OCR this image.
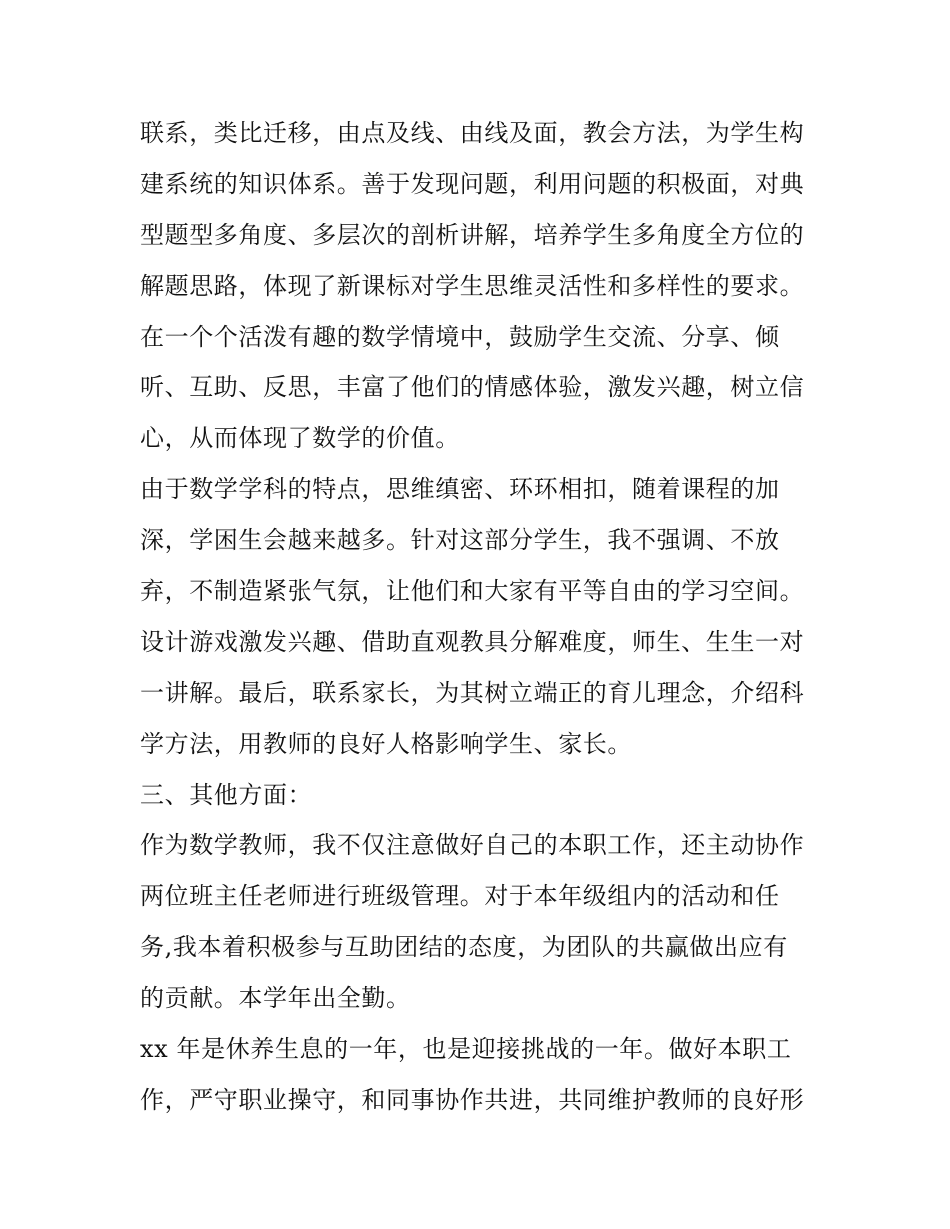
联系，类比迁移，由点及线、由线及面，教会方法，为学生构
建系统的知识体系。善于发现问题，利用问题的积极面，对典
型题型多角度、多层次的剖析讲解，培养学生多角度全方位的
解题思路，体现了新课标对学生思维灵活性和多样性的要求。
在一个个活泼有趣的数学情境中，鼓励学生交流、分享、倾
听、互助、反思，丰富了他们的情感体验，激发兴趣，树立信
心，从而体现了数学的价值。
由于数学学科的特点，思维缜密、环环相扣，随着课程的加
深，学困生会越来越多。针对这部分学生，我不强调、不放
弃，不制造紧张气氛，让他们和大家有平等自由的学习空间。
设计游戏激发兴趣、借助直观教具分解难度，师生、生生一对
一讲解。最后，联系家长，为其树立端正的育儿理念，介绍科
学方法，用教师的良好人格影响学生、家长。
三、其他方面：
作为数学教师，我不仅注意做好自己的本职工作，还主动协作
两位班主任老师进行班级管理。对于本年级组内的活动和任
务,我本着积极参与互助团结的态度，为团队的共赢做出应有
的贡献。本学年出全勤。
xx 年是休养生息的一年，也是迎接挑战的一年。做好本职工
作，严守职业操守，和同事协作共进，共同维护教师的良好形
